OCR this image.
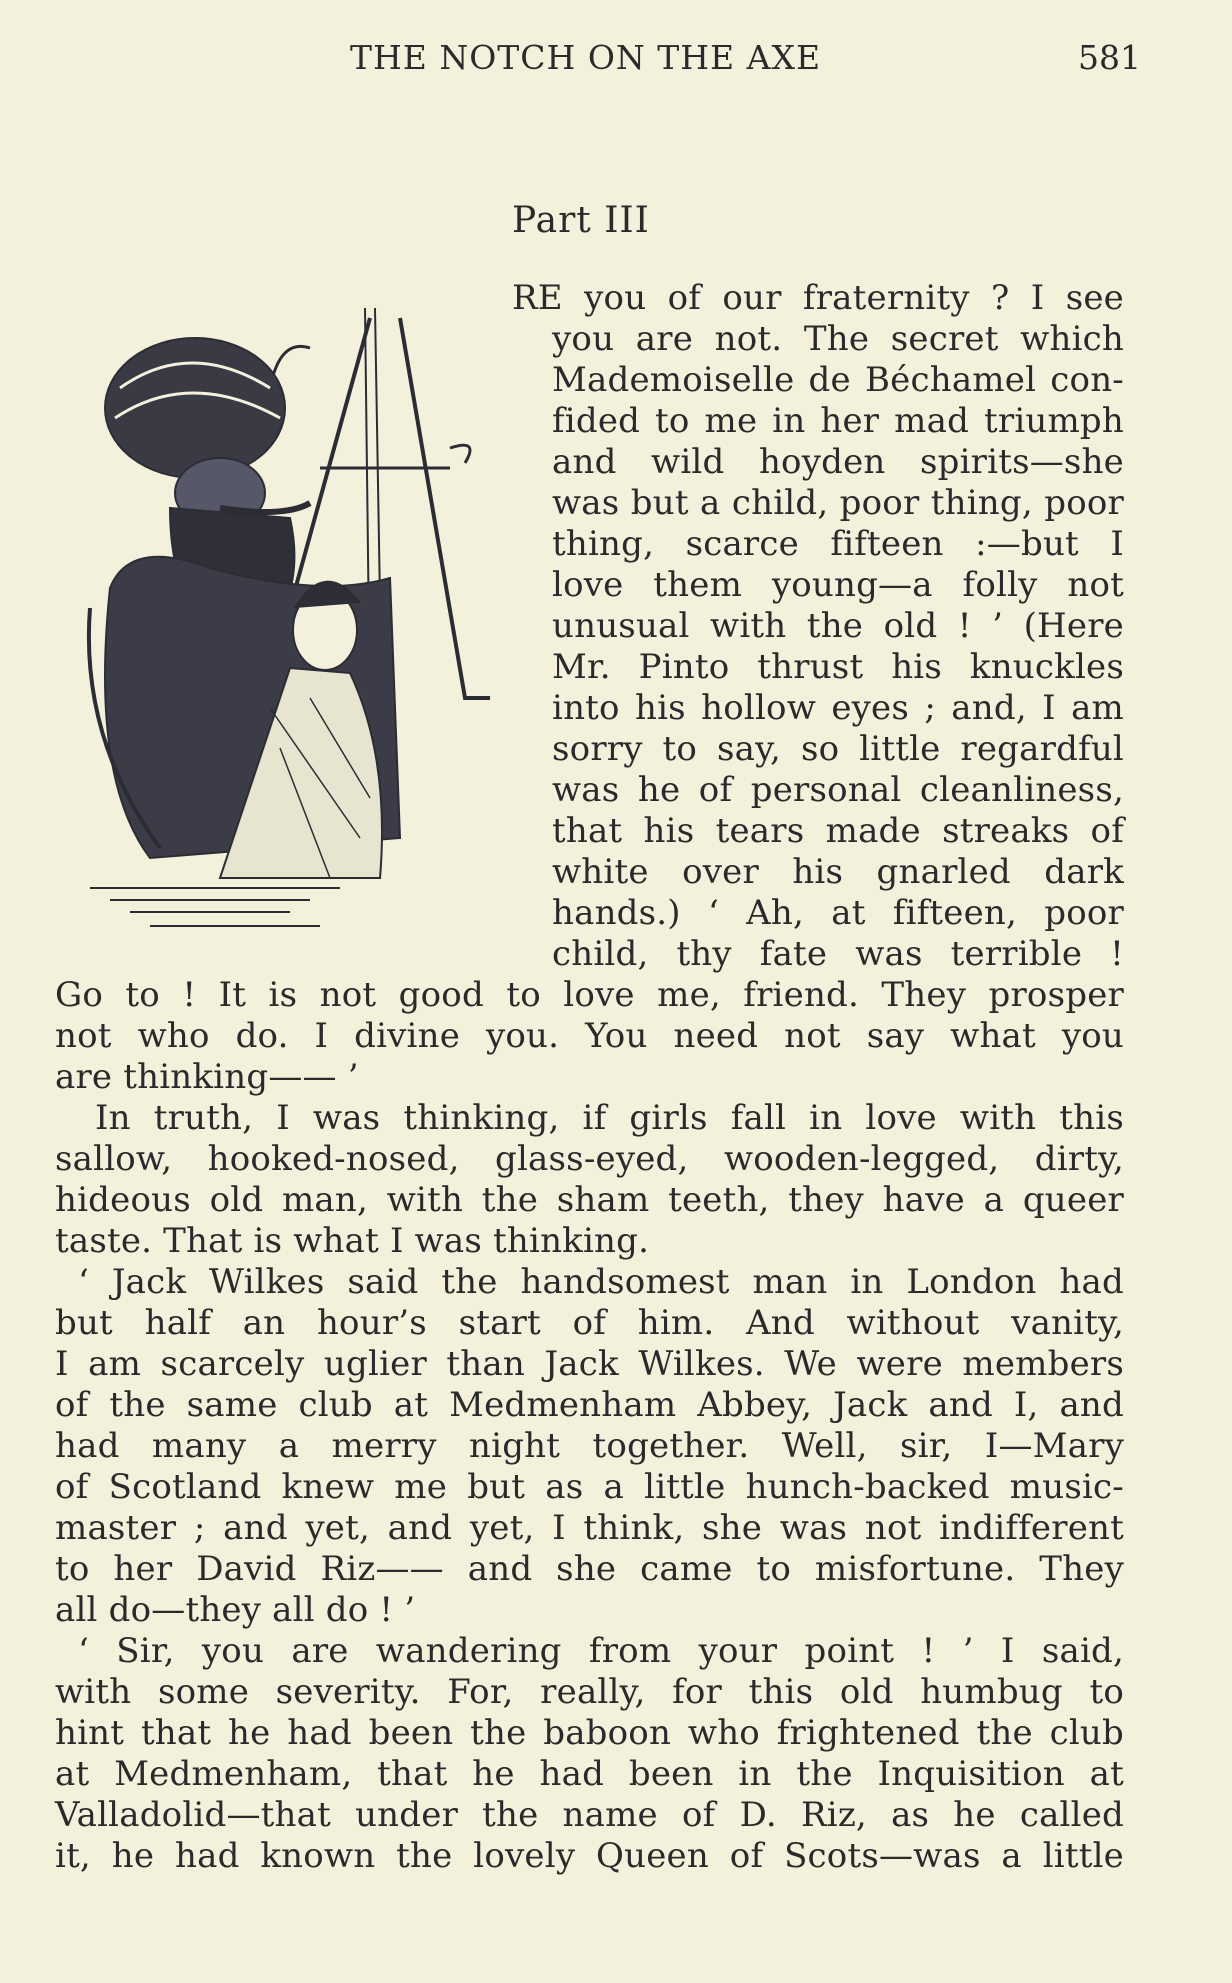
THE NOTCH ON THE AXE	581
Part III
RE you of our fraternity ? I see
you are not. The secret which
Mademoiselle de Béchamel con-
fided to me in her mad triumph
and wild hoyden spirits—she
was but a child, poor thing, poor
thing, scarce fifteen :—but I
love them young—a folly not
unusual with the old ! ’ (Here
Mr. Pinto thrust his knuckles
into his hollow eyes ; and, I am
sorry to say, so little regardful
was he of personal cleanliness,
that his tears made streaks of
white over his gnarled dark
hands.) ‘ Ah, at fifteen, poor
child, thy fate was terrible !
Go to ! It is not good to love me, friend. They prosper
not who do. I divine you. You need not say what you
are thinking—— ’
In truth, I was thinking, if girls fall in love with this
sallow, hooked-nosed, glass-eyed, wooden-legged, dirty,
hideous old man, with the sham teeth, they have a queer
taste. That is what I was thinking.
‘ Jack Wilkes said the handsomest man in London had
but half an hour’s start of him. And without vanity,
I am scarcely uglier than Jack Wilkes. We were members
of the same club at Medmenham Abbey, Jack and I, and
had many a merry night together. Well, sir, I—Mary
of Scotland knew me but as a little hunch-backed music-
master ; and yet, and yet, I think, she was not indifferent
to her David Riz—— and she came to misfortune. They
all do—they all do ! ’
‘ Sir, you are wandering from your point ! ’ I said,
with some severity. For, really, for this old humbug to
hint that he had been the baboon who frightened the club
at Medmenham, that he had been in the Inquisition at
Valladolid—that under the name of D. Riz, as he called
it, he had known the lovely Queen of Scots—was a little
